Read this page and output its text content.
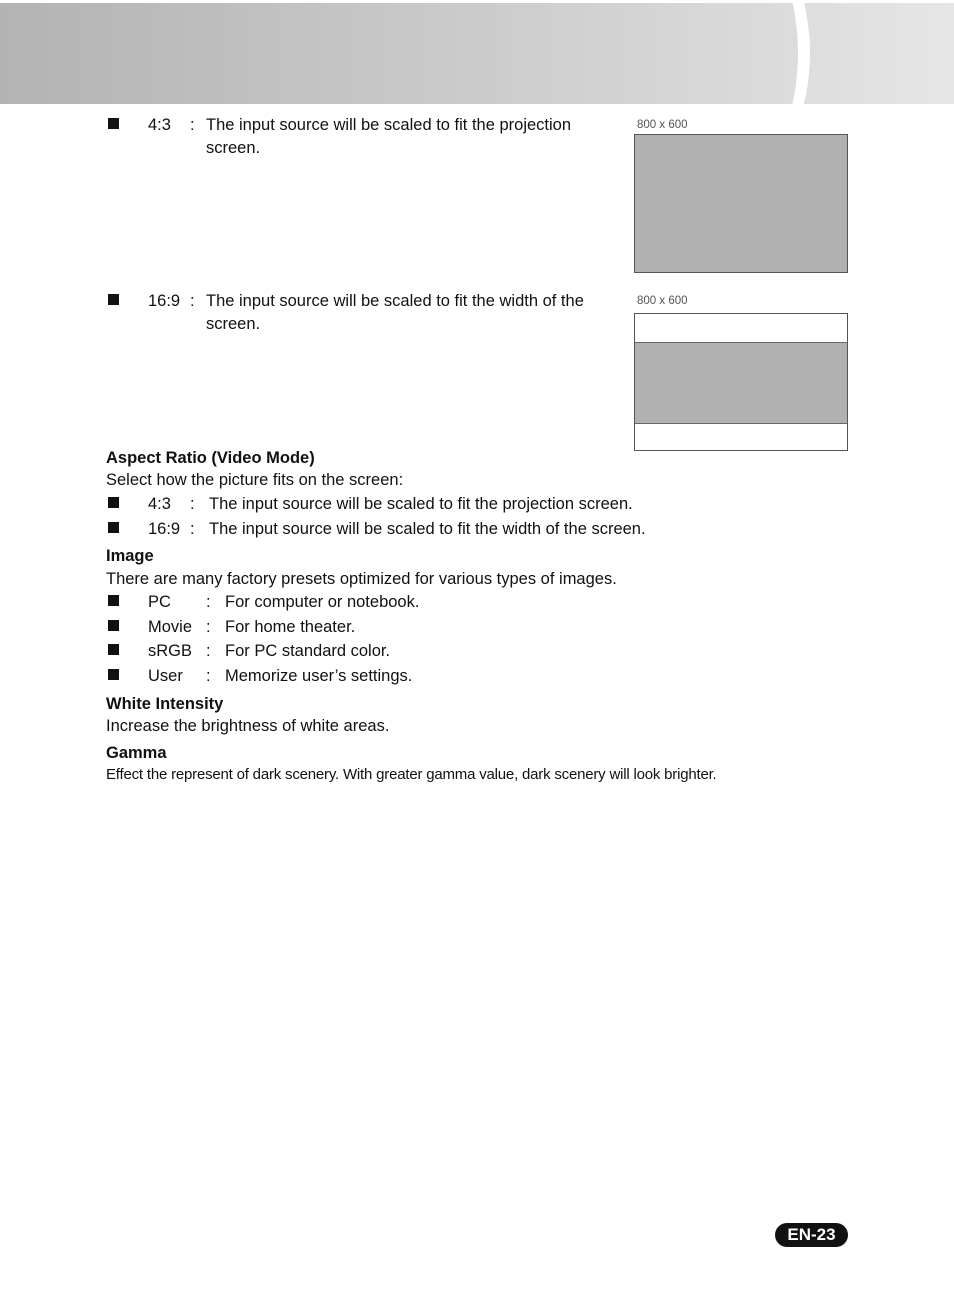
4:3 : The input source will be scaled to fit the projection
screen.
800 x 600
16:9 : The input source will be scaled to fit the width of the
screen.
800 x 600
Aspect Ratio (Video Mode)
Select how the picture fits on the screen:
4:3 : The input source will be scaled to fit the projection screen.
16:9 : The input source will be scaled to fit the width of the screen.
Image
There are many factory presets optimized for various types of images.
PC : For computer or notebook.
Movie : For home theater.
sRGB : For PC standard color.
User : Memorize user’s settings.
White Intensity
Increase the brightness of white areas.
Gamma
Effect the represent of dark scenery. With greater gamma value, dark scenery will look brighter.
EN-23
